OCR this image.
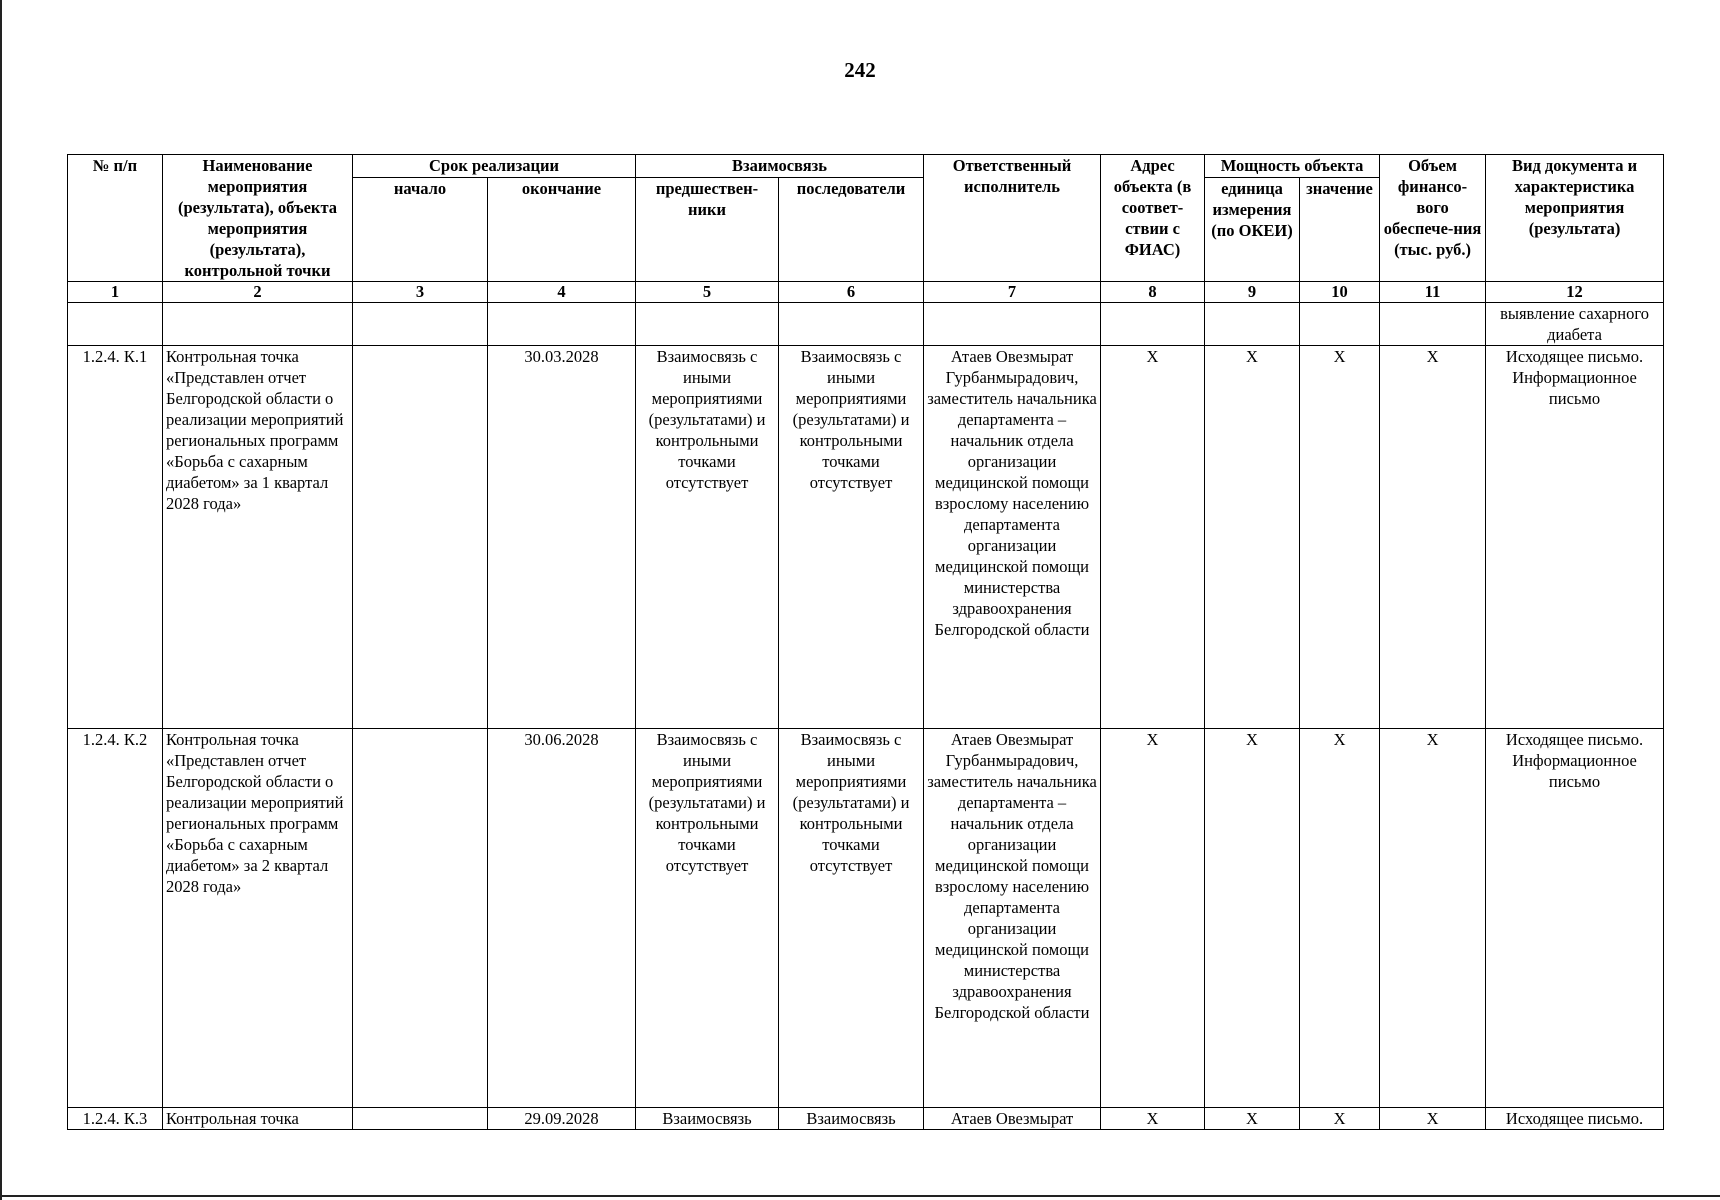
242
№ п/п	Наименование мероприятия (результата), объекта мероприятия (результата), контрольной точки	Срок реализации		Взаимосвязь		Ответственный исполнитель	Адрес объекта (в соответ-ствии с ФИАС)	Мощность объекта		Объем финансо-вого обеспече-ния (тыс. руб.)	Вид документа и характеристика мероприятия (результата)
		начало	окончание	предшествен-ники	последователи			единица измерения (по ОКЕИ)	значение		
1	2	3	4	5	6	7	8	9	10	11	12
											выявление сахарного диабета
1.2.4. К.1	Контрольная точка «Представлен отчет Белгородской области о реализации мероприятий региональных программ «Борьба с сахарным диабетом» за 1 квартал 2028 года»		30.03.2028	Взаимосвязь с иными мероприятиями (результатами) и контрольными точками отсутствует	Взаимосвязь с иными мероприятиями (результатами) и контрольными точками отсутствует	Атаев Овезмырат Гурбанмырадович, заместитель начальника департамента – начальник отдела организации медицинской помощи взрослому населению департамента организации медицинской помощи министерства здравоохранения Белгородской области	Х	Х	Х	Х	Исходящее письмо. Информационное письмо
1.2.4. К.2	Контрольная точка «Представлен отчет Белгородской области о реализации мероприятий региональных программ «Борьба с сахарным диабетом» за 2 квартал 2028 года»		30.06.2028	Взаимосвязь с иными мероприятиями (результатами) и контрольными точками отсутствует	Взаимосвязь с иными мероприятиями (результатами) и контрольными точками отсутствует	Атаев Овезмырат Гурбанмырадович, заместитель начальника департамента – начальник отдела организации медицинской помощи взрослому населению департамента организации медицинской помощи министерства здравоохранения Белгородской области	Х	Х	Х	Х	Исходящее письмо. Информационное письмо
1.2.4. К.3	Контрольная точка		29.09.2028	Взаимосвязь	Взаимосвязь	Атаев Овезмырат	Х	Х	Х	Х	Исходящее письмо.
